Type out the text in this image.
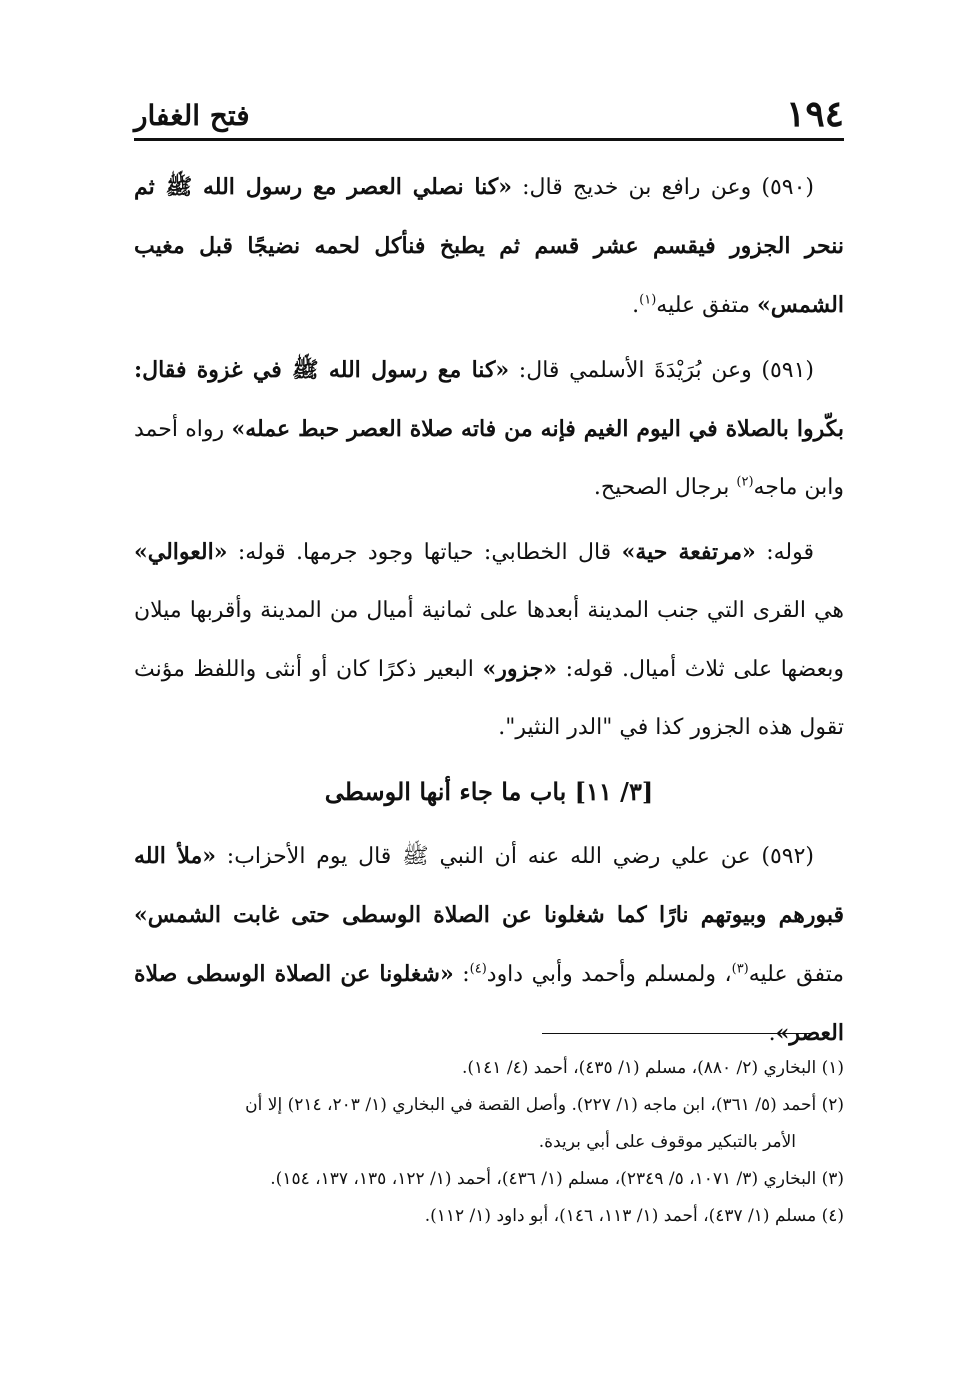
١٩٤
فتح الغفار

(٥٩٠) وعن رافع بن خديج قال: «كنا نصلي العصر مع رسول الله ﷺ ثم ننحر الجزور فيقسم عشر قسم ثم يطبخ فنأكل لحمه نضيجًا قبل مغيب الشمس» متفق عليه$^{(١)}$.

(٥٩١) وعن بُرَيْدَةَ الأسلمي قال: «كنا مع رسول الله ﷺ في غزوة فقال: بكّروا بالصلاة في اليوم الغيم فإنه من فاته صلاة العصر حبط عمله» رواه أحمد وابن ماجه$^{(٢)}$ برجال الصحيح.

قوله: «مرتفعة حية» قال الخطابي: حياتها وجود جرمها. قوله: «العوالي» هي القرى التي جنب المدينة أبعدها على ثمانية أميال من المدينة وأقربها ميلان وبعضها على ثلاث أميال. قوله: «جزور» البعير ذكرًا كان أو أنثى واللفظ مؤنث تقول هذه الجزور كذا في "الدر النثير".

[٣/ ١١] باب ما جاء أنها الوسطى

(٥٩٢) عن علي رضي الله عنه أن النبي ﷺ قال يوم الأحزاب: «ملأ الله قبورهم وبيوتهم نارًا كما شغلونا عن الصلاة الوسطى حتى غابت الشمس» متفق عليه$^{(٣)}$، ولمسلم وأحمد وأبي داود$^{(٤)}$: «شغلونا عن الصلاة الوسطى صلاة العصر».

(١) البخاري (٢/ ٨٨٠)، مسلم (١/ ٤٣٥)، أحمد (٤/ ١٤١).

(٢) أحمد (٥/ ٣٦١)، ابن ماجه (١/ ٢٢٧). وأصل القصة في البخاري (١/ ٢٠٣، ٢١٤) إلا أن

الأمر بالتبكير موقوف على أبي بريدة.

(٣) البخاري (٣/ ١٠٧١، ٥/ ٢٣٤٩)، مسلم (١/ ٤٣٦)، أحمد (١/ ١٢٢، ١٣٥، ١٣٧، ١٥٤).

(٤) مسلم (١/ ٤٣٧)، أحمد (١/ ١١٣، ١٤٦)، أبو داود (١/ ١١٢).
